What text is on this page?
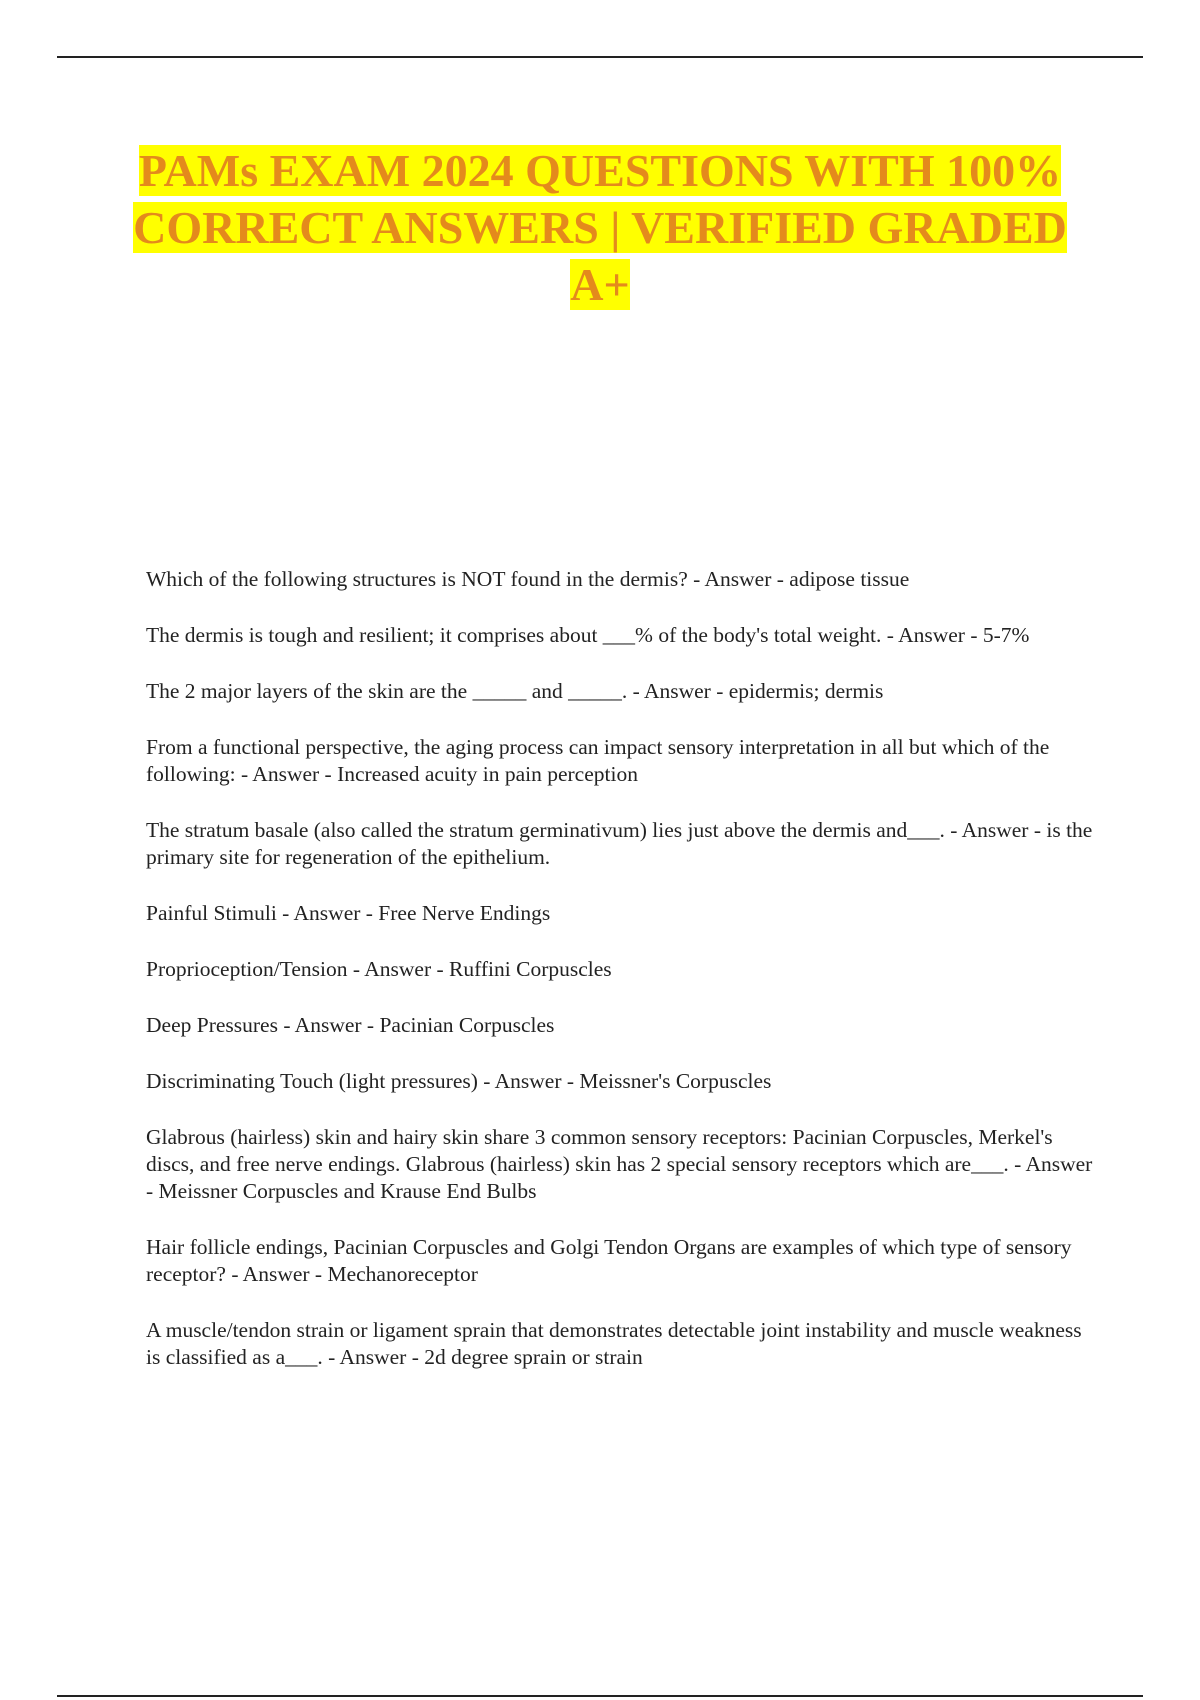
PAMs EXAM 2024 QUESTIONS WITH 100% CORRECT ANSWERS | VERIFIED GRADED A+

Which of the following structures is NOT found in the dermis? - Answer - adipose tissue

The dermis is tough and resilient; it comprises about ___% of the body's total weight. - Answer - 5-7%

The 2 major layers of the skin are the _____ and _____. - Answer - epidermis; dermis

From a functional perspective, the aging process can impact sensory interpretation in all but which of the following: - Answer - Increased acuity in pain perception

The stratum basale (also called the stratum germinativum) lies just above the dermis and___. - Answer - is the primary site for regeneration of the epithelium.

Painful Stimuli - Answer - Free Nerve Endings

Proprioception/Tension - Answer - Ruffini Corpuscles

Deep Pressures - Answer - Pacinian Corpuscles

Discriminating Touch (light pressures) - Answer - Meissner's Corpuscles

Glabrous (hairless) skin and hairy skin share 3 common sensory receptors: Pacinian Corpuscles, Merkel's discs, and free nerve endings. Glabrous (hairless) skin has 2 special sensory receptors which are___. - Answer - Meissner Corpuscles and Krause End Bulbs

Hair follicle endings, Pacinian Corpuscles and Golgi Tendon Organs are examples of which type of sensory receptor? - Answer - Mechanoreceptor

A muscle/tendon strain or ligament sprain that demonstrates detectable joint instability and muscle weakness is classified as a___. - Answer - 2d degree sprain or strain
